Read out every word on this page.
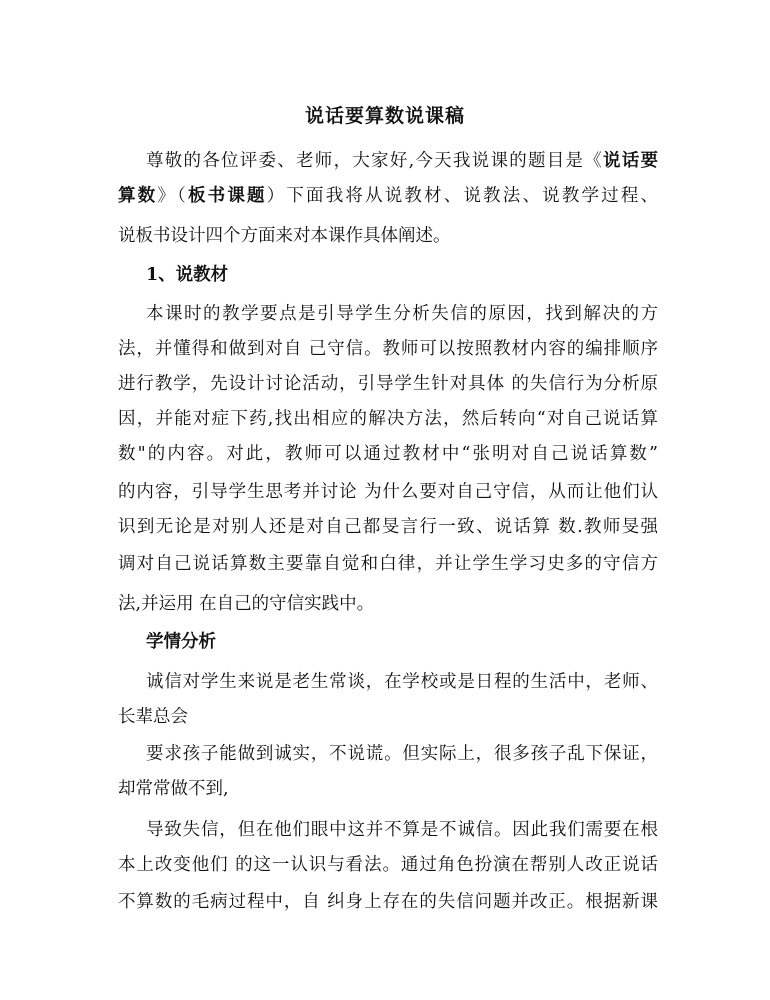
说话要算数说课稿
尊敬的各位评委、老师，大家好,今天我说课的题目是《说话要
算数》（板书课题）下面我将从说教材、说教法、说教学过程、
说板书设计四个方面来对本课作具体阐述。
1、说教材
本课时的教学要点是引导学生分析失信的原因，找到解决的方
法，并懂得和做到对自 己守信。教师可以按照教材内容的编排顺序
进行教学，先设计讨论活动，引导学生针对具体 的失信行为分析原
因，并能对症下药,找出相应的解决方法，然后转向“对自己说话算
数"的内容。对此，教师可以通过教材中“张明对自己说话算数”
的内容，引导学生思考并讨论 为什么要对自己守信，从而让他们认
识到无论是对别人还是对自己都旻言行一致、说话算 数.教师旻强
调对自己说话算数主要靠自觉和白律，并让学生学习史多的守信方
法,并运用 在自己的守信实践中。
学情分析
诚信对学生来说是老生常谈，在学校或是日程的生活中，老师、
长辈总会
要求孩子能做到诚实，不说谎。但实际上，很多孩子乱下保证，
却常常做不到,
导致失信，但在他们眼中这并不算是不诚信。因此我们需要在根
本上改变他们 的这一认识与看法。通过角色扮演在帮别人改正说话
不算数的毛病过程中，自 纠身上存在的失信问题并改正。根据新课
